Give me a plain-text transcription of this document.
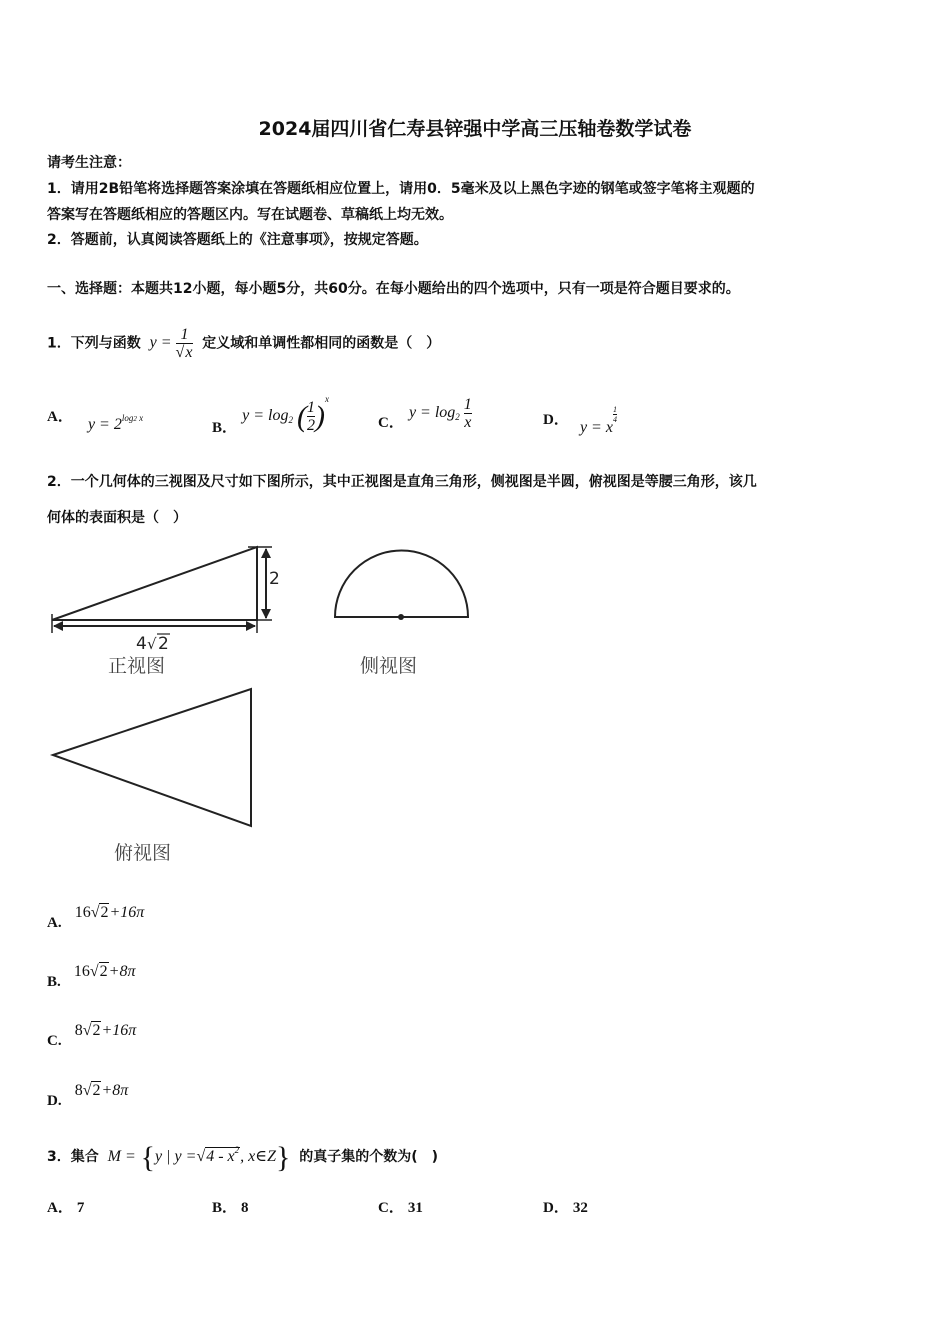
2024届四川省仁寿县锌强中学高三压轴卷数学试卷
请考生注意：
1．请用2B铅笔将选择题答案涂填在答题纸相应位置上，请用0．5毫米及以上黑色字迹的钢笔或签字笔将主观题的
答案写在答题纸相应的答题区内。写在试题卷、草稿纸上均无效。
2．答题前，认真阅读答题纸上的《注意事项》，按规定答题。
一、选择题：本题共12小题，每小题5分，共60分。在每小题给出的四个选项中，只有一项是符合题目要求的。
1．下列与函数 $y = \frac{1}{√x}$ 定义域和单调性都相同的函数是（　）
A． $y = 2^{log2 x}$
B． $y = \log_2$ ( $\frac{1}{2} )^x$
C． $y = \log_2 \frac{1}{x}$	D． y = x
$\frac{1}{4}$
2．一个几何体的三视图及尺寸如下图所示，其中正视图是直角三角形，侧视图是半圆，俯视图是等腰三角形，该几
何体的表面积是（　）
2
4 √ 2
正视图	侧视图
俯视图
A. 16√2+16π
B. 16√2+8π
C. 8√2+16π
D. 8√2+8π
3．集合 M = {y | $y =√4 - x^2$, x∈Z} 的真子集的个数为(　)
A． 7	B． 8	C． 31	D． 32
